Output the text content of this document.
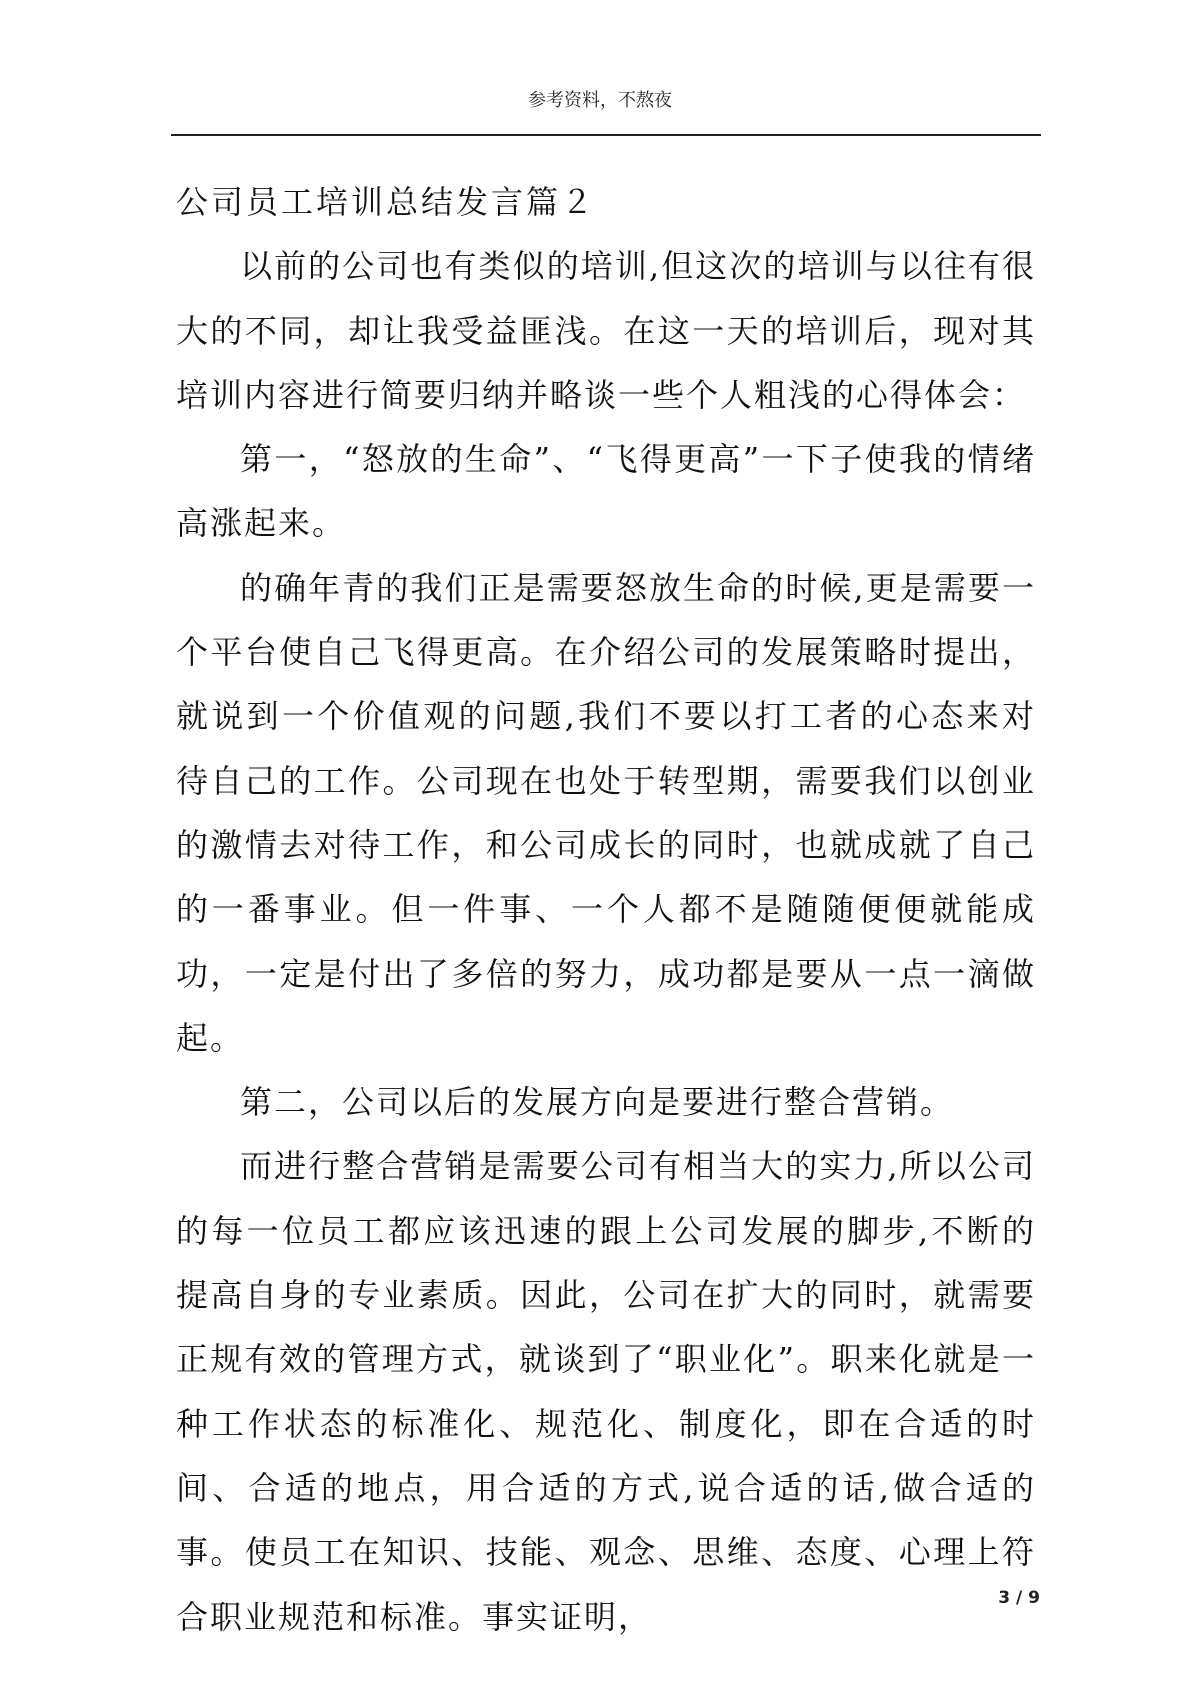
参考资料，不熬夜

公司员工培训总结发言篇２

以前的公司也有类似的培训,但这次的培训与以往有很大的不同，却让我受益匪浅。在这一天的培训后，现对其培训内容进行简要归纳并略谈一些个人粗浅的心得体会：

第一，“怒放的生命”、“飞得更高”一下子使我的情绪高涨起来。

的确年青的我们正是需要怒放生命的时候,更是需要一个平台使自己飞得更高。在介绍公司的发展策略时提出，就说到一个价值观的问题,我们不要以打工者的心态来对待自己的工作。公司现在也处于转型期，需要我们以创业的激情去对待工作，和公司成长的同时，也就成就了自己的一番事业。但一件事、一个人都不是随随便便就能成功，一定是付出了多倍的努力，成功都是要从一点一滴做起。

第二，公司以后的发展方向是要进行整合营销。

而进行整合营销是需要公司有相当大的实力,所以公司的每一位员工都应该迅速的跟上公司发展的脚步,不断的提高自身的专业素质。因此，公司在扩大的同时，就需要正规有效的管理方式，就谈到了“职业化”。职来化就是一种工作状态的标准化、规范化、制度化，即在合适的时间、合适的地点，用合适的方式,说合适的话,做合适的事。使员工在知识、技能、观念、思维、态度、心理上符合职业规范和标准。事实证明，	3 / 9
